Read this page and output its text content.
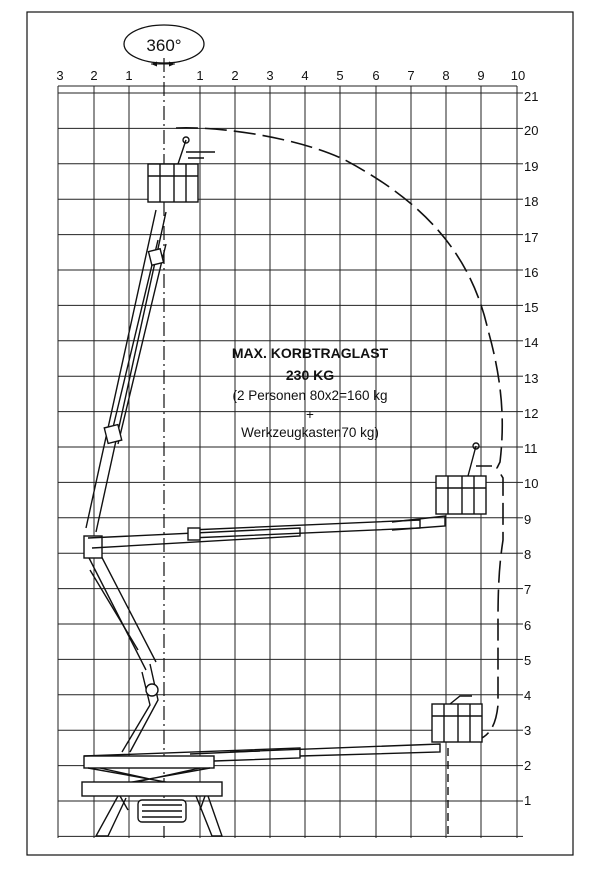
3 2 1	1 2 3 4 5 6 7 8 9 10
21
20
19
18
17
16
15
14
13
12
11
10
9
8
7
6
5
4
3
2
1
360°
MAX. KORBTRAGLAST
230 KG
(2 Personen 80x2=160 kg
+
Werkzeugkasten70 kg)
